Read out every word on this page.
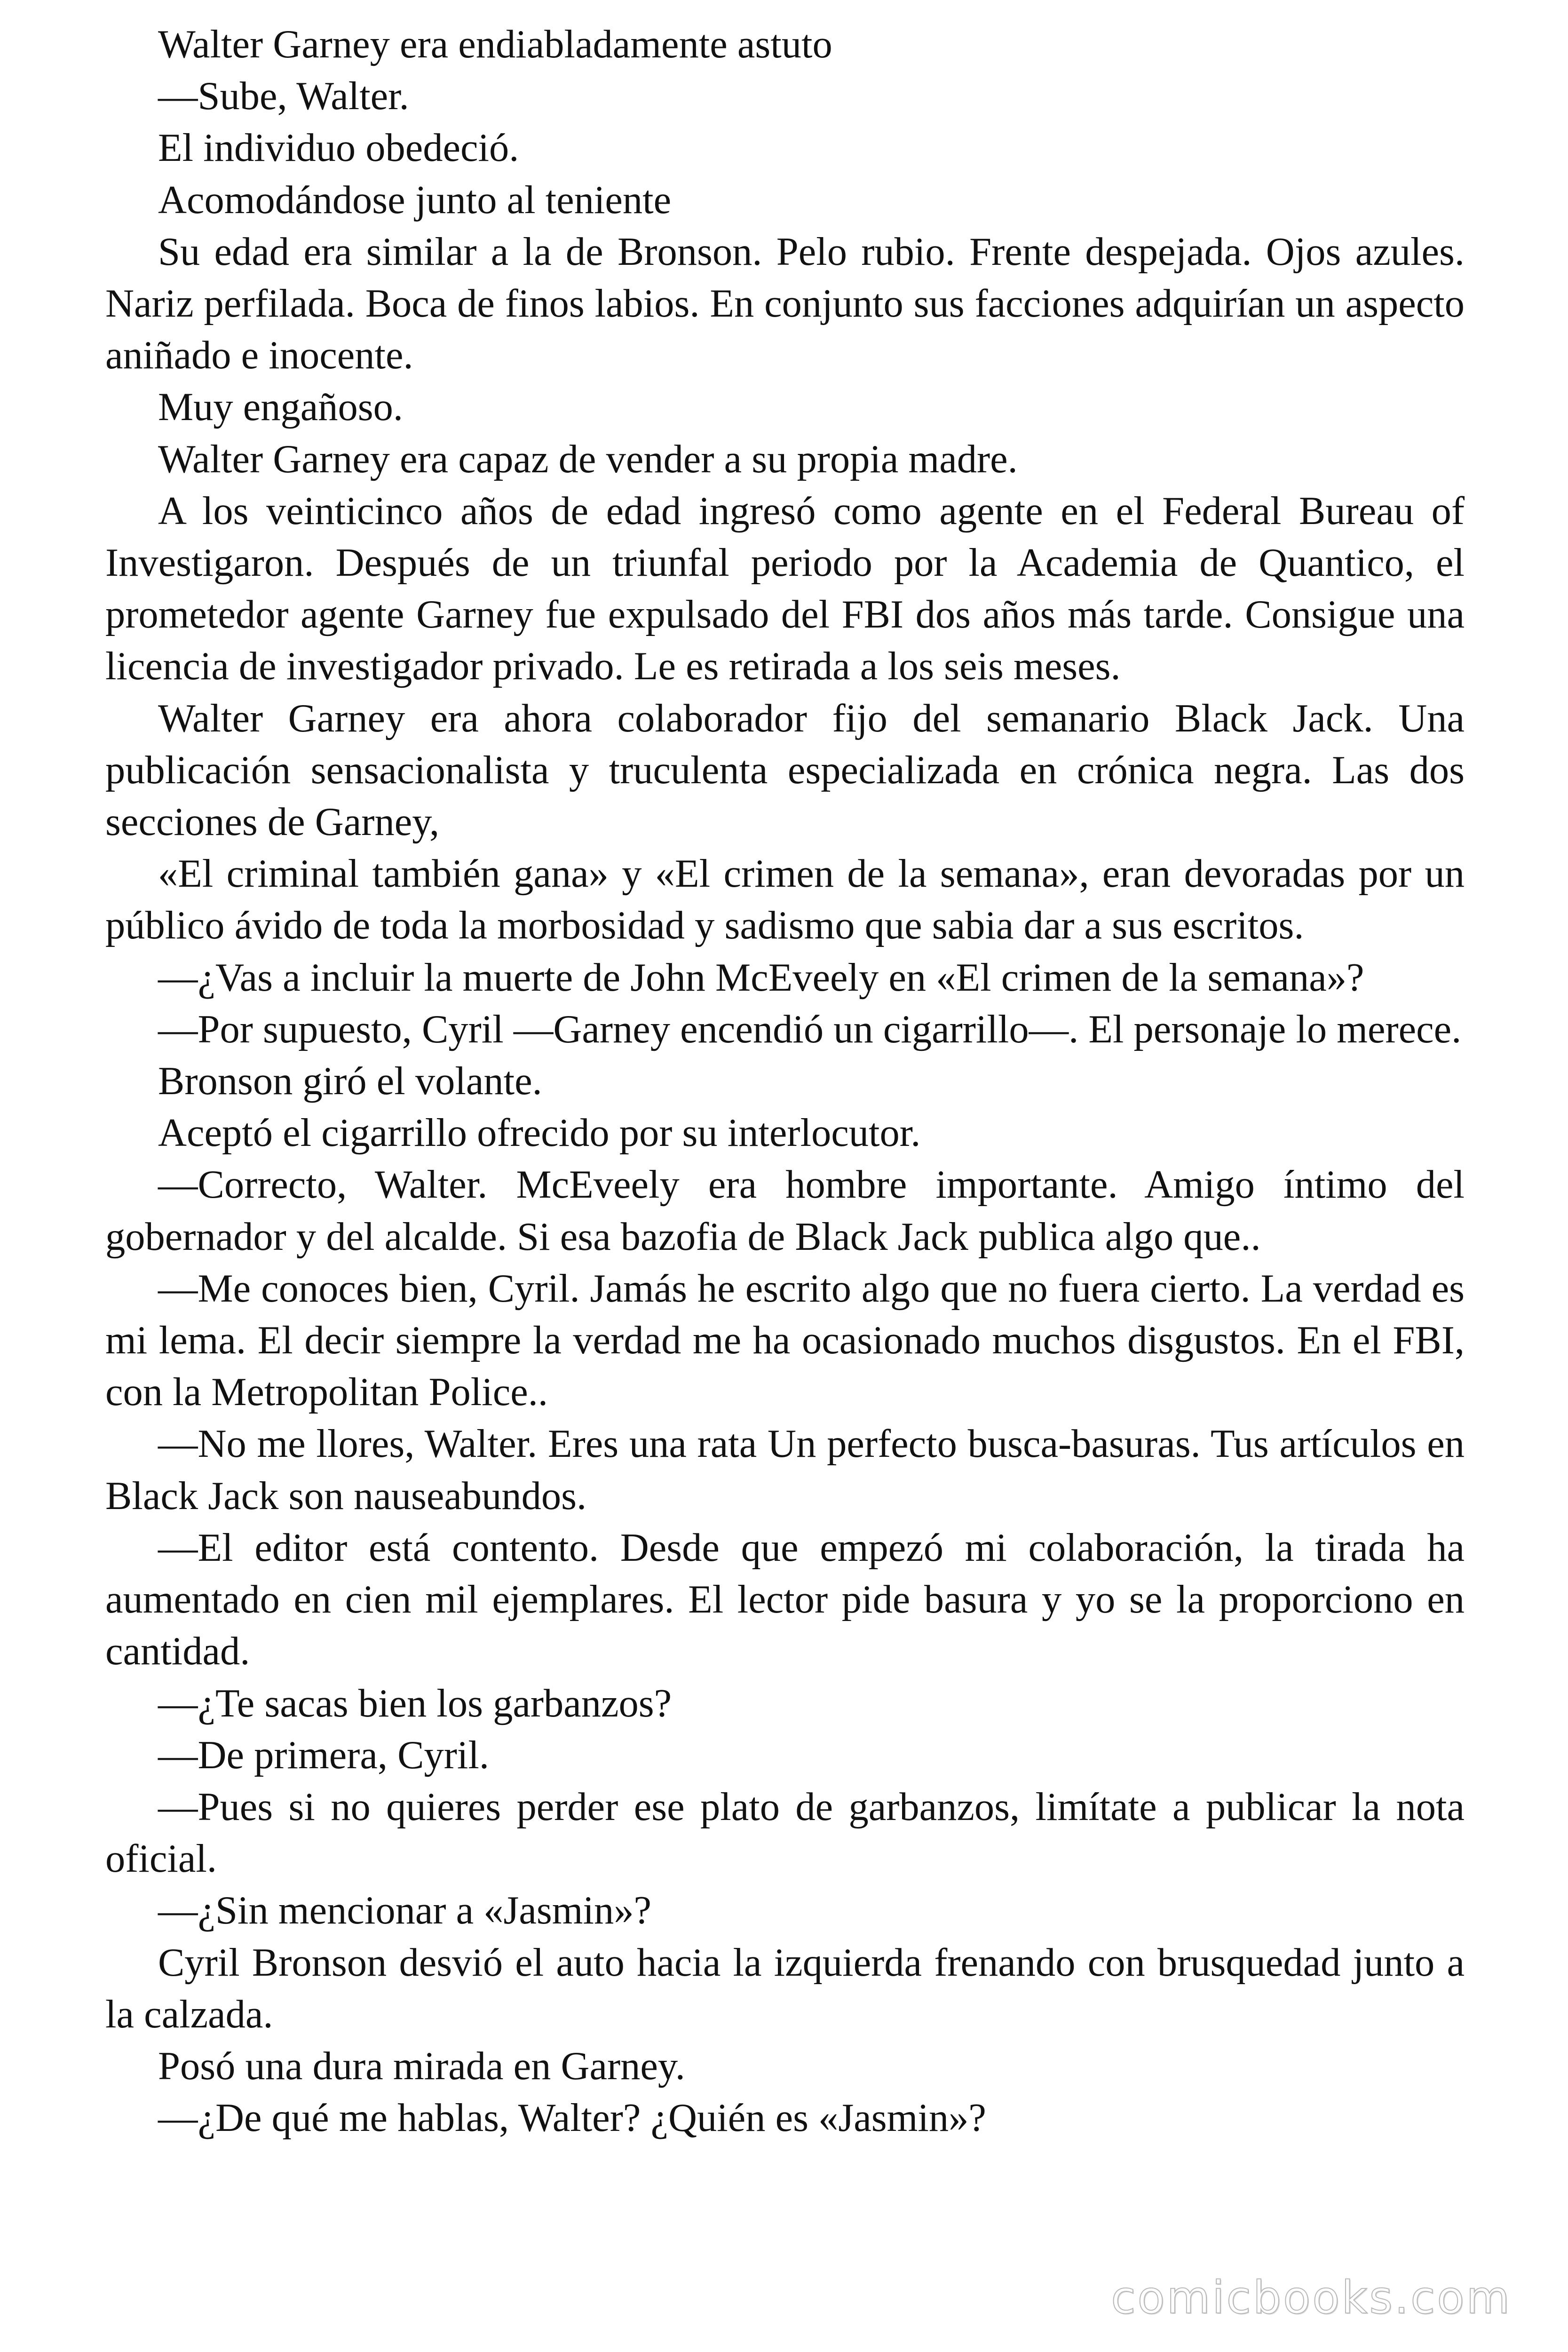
Walter Garney era endiabladamente astuto

—Sube, Walter.

El individuo obedeció.

Acomodándose junto al teniente

Su edad era similar a la de Bronson. Pelo rubio. Frente despejada. Ojos azules. Nariz perfilada. Boca de finos labios. En conjunto sus facciones adquirían un aspecto aniñado e inocente.

Muy engañoso.

Walter Garney era capaz de vender a su propia madre.

A los veinticinco años de edad ingresó como agente en el Federal Bureau of Investigaron. Después de un triunfal periodo por la Academia de Quantico, el prometedor agente Garney fue expulsado del FBI dos años más tarde. Consigue una licencia de investigador privado. Le es retirada a los seis meses.

Walter Garney era ahora colaborador fijo del semanario Black Jack. Una publicación sensacionalista y truculenta especializada en crónica negra. Las dos secciones de Garney,

«El criminal también gana» y «El crimen de la semana», eran devoradas por un público ávido de toda la morbosidad y sadismo que sabia dar a sus escritos.

—¿Vas a incluir la muerte de John McEveely en «El crimen de la semana»?

—Por supuesto, Cyril —Garney encendió un cigarrillo—. El personaje lo merece.

Bronson giró el volante.

Aceptó el cigarrillo ofrecido por su interlocutor.

—Correcto, Walter. McEveely era hombre importante. Amigo íntimo del gobernador y del alcalde. Si esa bazofia de Black Jack publica algo que..

—Me conoces bien, Cyril. Jamás he escrito algo que no fuera cierto. La verdad es mi lema. El decir siempre la verdad me ha ocasionado muchos disgustos. En el FBI, con la Metropolitan Police..

—No me llores, Walter. Eres una rata Un perfecto busca-basuras. Tus artículos en Black Jack son nauseabundos.

—El editor está contento. Desde que empezó mi colaboración, la tirada ha aumentado en cien mil ejemplares. El lector pide basura y yo se la proporciono en cantidad.

—¿Te sacas bien los garbanzos?

—De primera, Cyril.

—Pues si no quieres perder ese plato de garbanzos, limítate a publicar la nota oficial.

—¿Sin mencionar a «Jasmin»?

Cyril Bronson desvió el auto hacia la izquierda frenando con brusquedad junto a la calzada.

Posó una dura mirada en Garney.

—¿De qué me hablas, Walter? ¿Quién es «Jasmin»?

comicbooks.com
